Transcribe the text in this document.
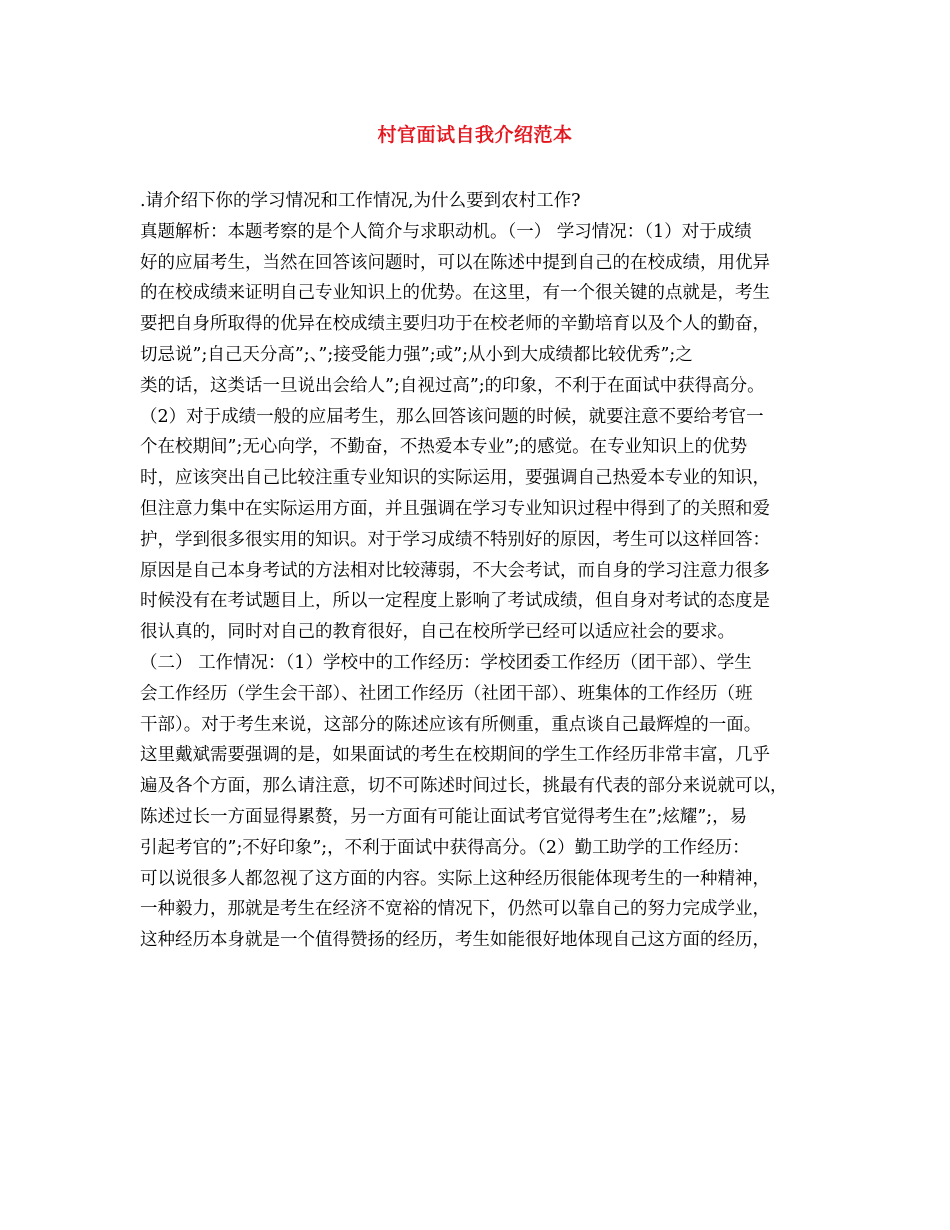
村官面试自我介绍范本
.请介绍下你的学习情况和工作情况,为什么要到农村工作?
真题解析：本题考察的是个人简介与求职动机。（一） 学习情况：（1）对于成绩
好的应届考生，当然在回答该问题时，可以在陈述中提到自己的在校成绩，用优异
的在校成绩来证明自己专业知识上的优势。在这里，有一个很关键的点就是，考生
要把自身所取得的优异在校成绩主要归功于在校老师的辛勤培育以及个人的勤奋，
切忌说”;自己天分高”;、”;接受能力强”;或”;从小到大成绩都比较优秀”;之
类的话，这类话一旦说出会给人”;自视过高”;的印象，不利于在面试中获得高分。
（2）对于成绩一般的应届考生，那么回答该问题的时候，就要注意不要给考官一
个在校期间”;无心向学，不勤奋，不热爱本专业”;的感觉。在专业知识上的优势
时，应该突出自己比较注重专业知识的实际运用，要强调自己热爱本专业的知识，
但注意力集中在实际运用方面，并且强调在学习专业知识过程中得到了的关照和爱
护，学到很多很实用的知识。对于学习成绩不特别好的原因，考生可以这样回答：
原因是自己本身考试的方法相对比较薄弱，不大会考试，而自身的学习注意力很多
时候没有在考试题目上，所以一定程度上影响了考试成绩，但自身对考试的态度是
很认真的，同时对自己的教育很好，自己在校所学已经可以适应社会的要求。
（二） 工作情况：（1）学校中的工作经历：学校团委工作经历（团干部）、学生
会工作经历（学生会干部）、社团工作经历（社团干部）、班集体的工作经历（班
干部）。对于考生来说，这部分的陈述应该有所侧重，重点谈自己最辉煌的一面。
这里戴斌需要强调的是，如果面试的考生在校期间的学生工作经历非常丰富，几乎
遍及各个方面，那么请注意，切不可陈述时间过长，挑最有代表的部分来说就可以，
陈述过长一方面显得累赘，另一方面有可能让面试考官觉得考生在”;炫耀”;，易
引起考官的”;不好印象”;，不利于面试中获得高分。（2）勤工助学的工作经历：
可以说很多人都忽视了这方面的内容。实际上这种经历很能体现考生的一种精神，
一种毅力，那就是考生在经济不宽裕的情况下，仍然可以靠自己的努力完成学业，
这种经历本身就是一个值得赞扬的经历，考生如能很好地体现自己这方面的经历，
